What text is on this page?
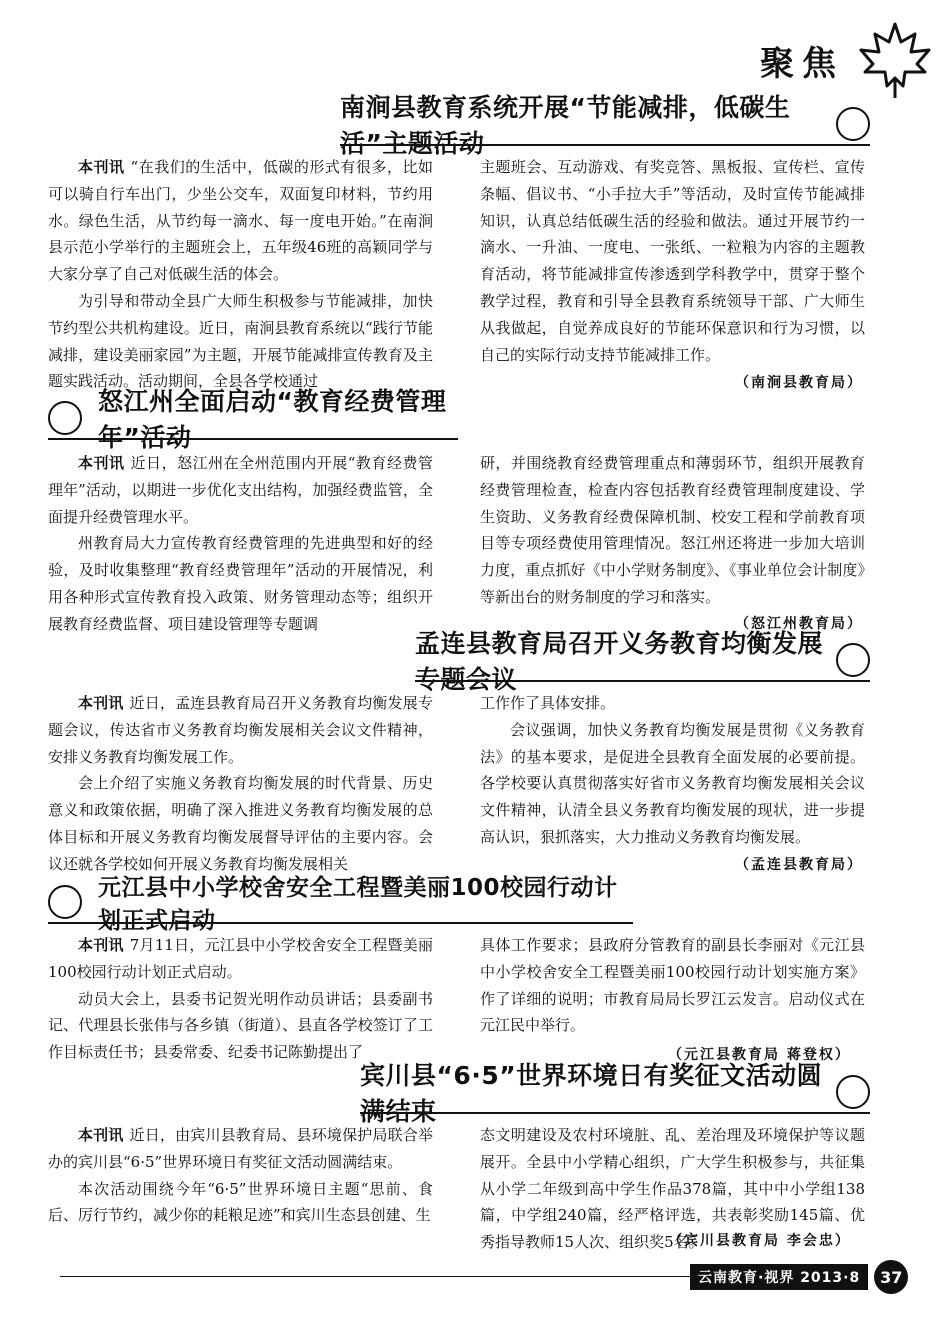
聚焦
南涧县教育系统开展“节能减排，低碳生活”主题活动

本刊讯 “在我们的生活中，低碳的形式有很多，比如可以骑自行车出门，少坐公交车，双面复印材料，节约用水。绿色生活，从节约每一滴水、每一度电开始。”在南涧县示范小学举行的主题班会上，五年级46班的高颖同学与大家分享了自己对低碳生活的体会。

为引导和带动全县广大师生积极参与节能减排，加快节约型公共机构建设。近日，南涧县教育系统以“践行节能减排，建设美丽家园”为主题，开展节能减排宣传教育及主题实践活动。活动期间，全县各学校通过

主题班会、互动游戏、有奖竞答、黑板报、宣传栏、宣传条幅、倡议书、“小手拉大手”等活动，及时宣传节能减排知识，认真总结低碳生活的经验和做法。通过开展节约一滴水、一升油、一度电、一张纸、一粒粮为内容的主题教育活动，将节能减排宣传渗透到学科教学中，贯穿于整个教学过程，教育和引导全县教育系统领导干部、广大师生从我做起，自觉养成良好的节能环保意识和行为习惯，以自己的实际行动支持节能减排工作。

（南涧县教育局）
怒江州全面启动“教育经费管理年”活动

本刊讯 近日，怒江州在全州范围内开展“教育经费管理年”活动，以期进一步优化支出结构，加强经费监管，全面提升经费管理水平。

州教育局大力宣传教育经费管理的先进典型和好的经验，及时收集整理“教育经费管理年”活动的开展情况，利用各种形式宣传教育投入政策、财务管理动态等；组织开展教育经费监督、项目建设管理等专题调

研，并围绕教育经费管理重点和薄弱环节，组织开展教育经费管理检查，检查内容包括教育经费管理制度建设、学生资助、义务教育经费保障机制、校安工程和学前教育项目等专项经费使用管理情况。怒江州还将进一步加大培训力度，重点抓好《中小学财务制度》、《事业单位会计制度》等新出台的财务制度的学习和落实。

（怒江州教育局）
孟连县教育局召开义务教育均衡发展专题会议

本刊讯 近日，孟连县教育局召开义务教育均衡发展专题会议，传达省市义务教育均衡发展相关会议文件精神，安排义务教育均衡发展工作。

会上介绍了实施义务教育均衡发展的时代背景、历史意义和政策依据，明确了深入推进义务教育均衡发展的总体目标和开展义务教育均衡发展督导评估的主要内容。会议还就各学校如何开展义务教育均衡发展相关

工作作了具体安排。

会议强调，加快义务教育均衡发展是贯彻《义务教育法》的基本要求，是促进全县教育全面发展的必要前提。各学校要认真贯彻落实好省市义务教育均衡发展相关会议文件精神，认清全县义务教育均衡发展的现状，进一步提高认识，狠抓落实，大力推动义务教育均衡发展。

（孟连县教育局）
元江县中小学校舍安全工程暨美丽100校园行动计划正式启动

本刊讯 7月11日，元江县中小学校舍安全工程暨美丽100校园行动计划正式启动。

动员大会上，县委书记贺光明作动员讲话；县委副书记、代理县长张伟与各乡镇（街道）、县直各学校签订了工作目标责任书；县委常委、纪委书记陈勤提出了

具体工作要求；县政府分管教育的副县长李丽对《元江县中小学校舍安全工程暨美丽100校园行动计划实施方案》作了详细的说明；市教育局局长罗江云发言。启动仪式在元江民中举行。

（元江县教育局 蒋登权）
宾川县“6·5”世界环境日有奖征文活动圆满结束

本刊讯 近日，由宾川县教育局、县环境保护局联合举办的宾川县“6·5”世界环境日有奖征文活动圆满结束。

本次活动围绕今年“6·5”世界环境日主题“思前、食后、厉行节约，减少你的耗粮足迹”和宾川生态县创建、生

态文明建设及农村环境脏、乱、差治理及环境保护等议题展开。全县中小学精心组织，广大学生积极参与，共征集从小学二年级到高中学生作品378篇，其中中小学组138篇，中学组240篇，经严格评选，共表彰奖励145篇、优秀指导教师15人次、组织奖5名。

（宾川县教育局 李会忠）
云南教育·视界 2013·8	37
